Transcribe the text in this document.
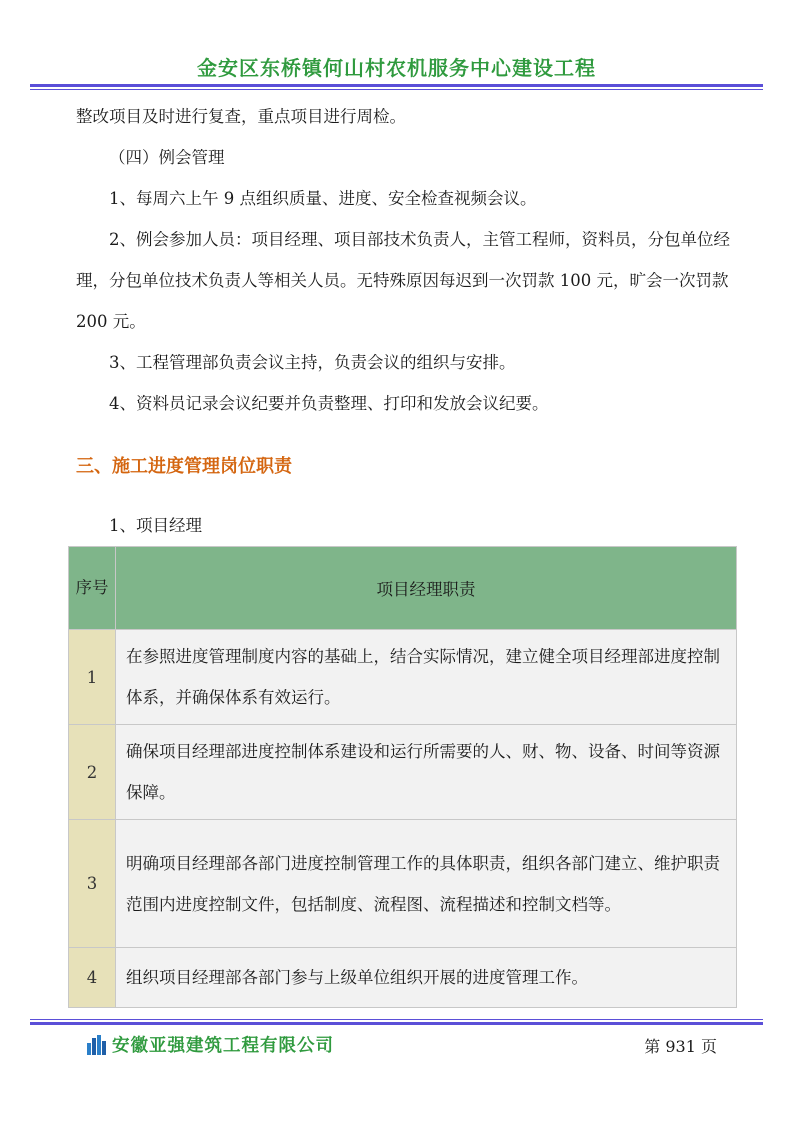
金安区东桥镇何山村农机服务中心建设工程

整改项目及时进行复查，重点项目进行周检。

（四）例会管理

1、每周六上午 9 点组织质量、进度、安全检查视频会议。

2、例会参加人员：项目经理、项目部技术负责人，主管工程师，资料员，分包单位经理，分包单位技术负责人等相关人员。无特殊原因每迟到一次罚款 100 元，旷会一次罚款 200 元。

3、工程管理部负责会议主持，负责会议的组织与安排。

4、资料员记录会议纪要并负责整理、打印和发放会议纪要。

三、施工进度管理岗位职责

1、项目经理

序号	项目经理职责
1	在参照进度管理制度内容的基础上，结合实际情况，建立健全项目经理部进度控制体系，并确保体系有效运行。
2	确保项目经理部进度控制体系建设和运行所需要的人、财、物、设备、时间等资源保障。
3	明确项目经理部各部门进度控制管理工作的具体职责，组织各部门建立、维护职责范围内进度控制文件，包括制度、流程图、流程描述和控制文档等。
4	组织项目经理部各部门参与上级单位组织开展的进度管理工作。
安徽亚强建筑工程有限公司	第 931 页
